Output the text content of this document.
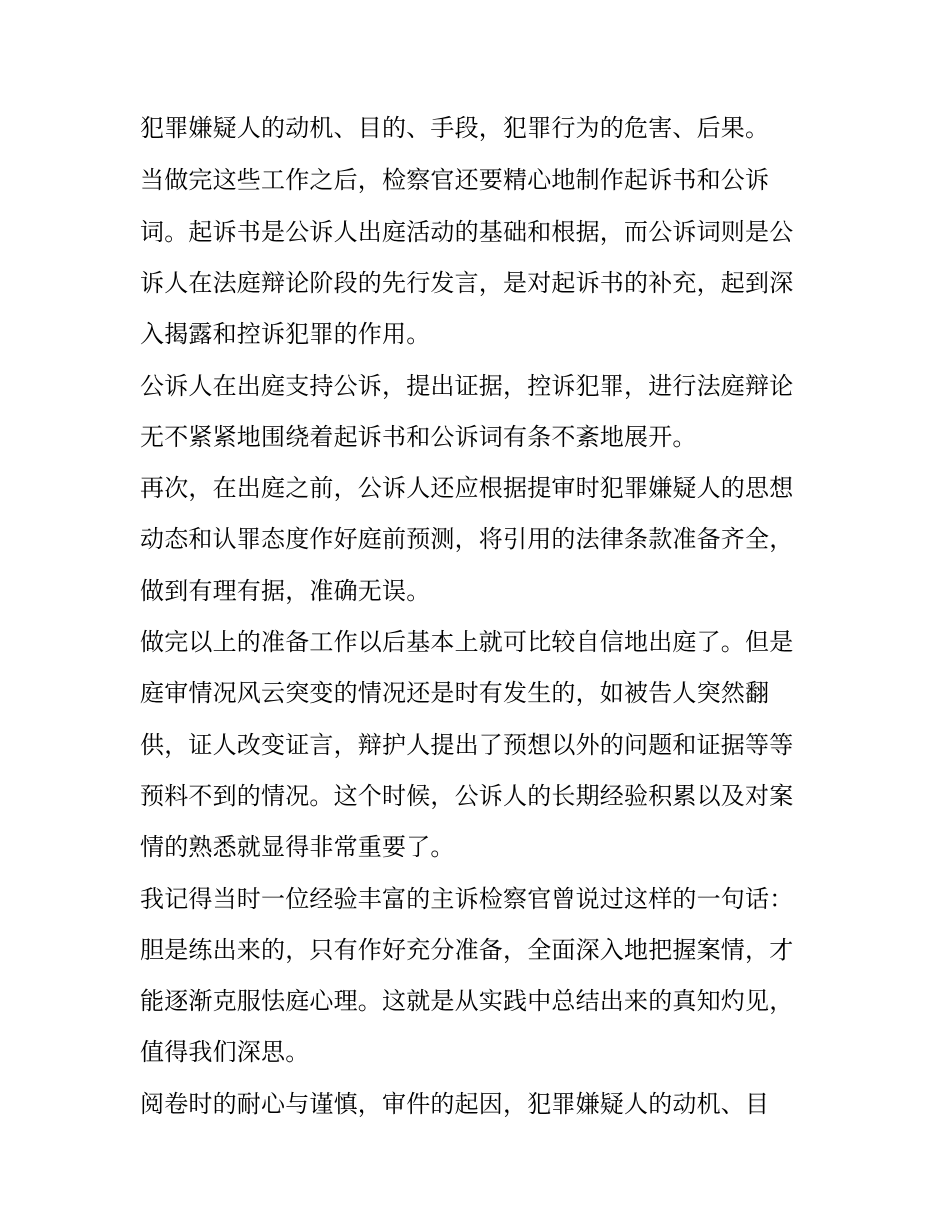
犯罪嫌疑人的动机、目的、手段，犯罪行为的危害、后果。
当做完这些工作之后，检察官还要精心地制作起诉书和公诉
词。起诉书是公诉人出庭活动的基础和根据，而公诉词则是公
诉人在法庭辩论阶段的先行发言，是对起诉书的补充，起到深
入揭露和控诉犯罪的作用。
公诉人在出庭支持公诉，提出证据，控诉犯罪，进行法庭辩论
无不紧紧地围绕着起诉书和公诉词有条不紊地展开。
再次，在出庭之前，公诉人还应根据提审时犯罪嫌疑人的思想
动态和认罪态度作好庭前预测，将引用的法律条款准备齐全，
做到有理有据，准确无误。
做完以上的准备工作以后基本上就可比较自信地出庭了。但是
庭审情况风云突变的情况还是时有发生的，如被告人突然翻
供，证人改变证言，辩护人提出了预想以外的问题和证据等等
预料不到的情况。这个时候，公诉人的长期经验积累以及对案
情的熟悉就显得非常重要了。
我记得当时一位经验丰富的主诉检察官曾说过这样的一句话：
胆是练出来的，只有作好充分准备，全面深入地把握案情，才
能逐渐克服怯庭心理。这就是从实践中总结出来的真知灼见，
值得我们深思。
阅卷时的耐心与谨慎，审件的起因，犯罪嫌疑人的动机、目
